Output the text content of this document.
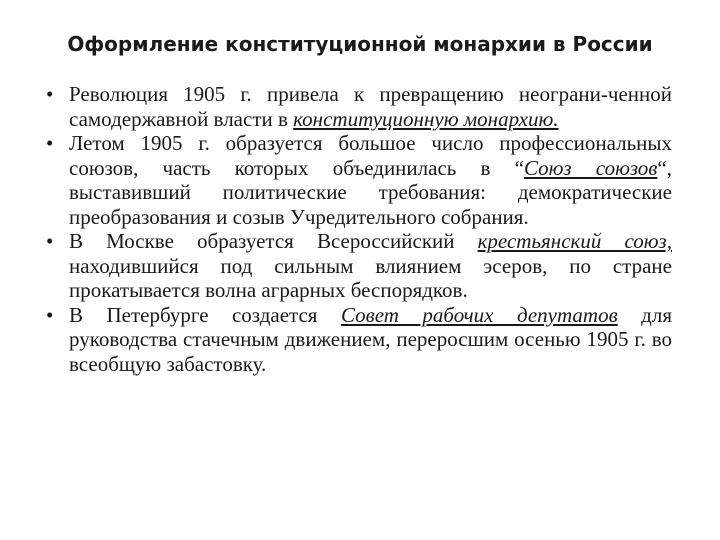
Оформление конституционной монархии в России
• Революция 1905 г. привела к превращению неограни-ченной самодержавной власти в конституционную монархию.
• Летом 1905 г. образуется большое число профессиональных союзов, часть которых объединилась в “Союз союзов“, выставивший политические требования: демократические преобразования и созыв Учредительного собрания.
• В Москве образуется Всероссийский крестьянский союз, находившийся под сильным влиянием эсеров, по стране прокатывается волна аграрных беспорядков.
• В Петербурге создается Совет рабочих депутатов для руководства стачечным движением, переросшим осенью 1905 г. во всеобщую забастовку.
